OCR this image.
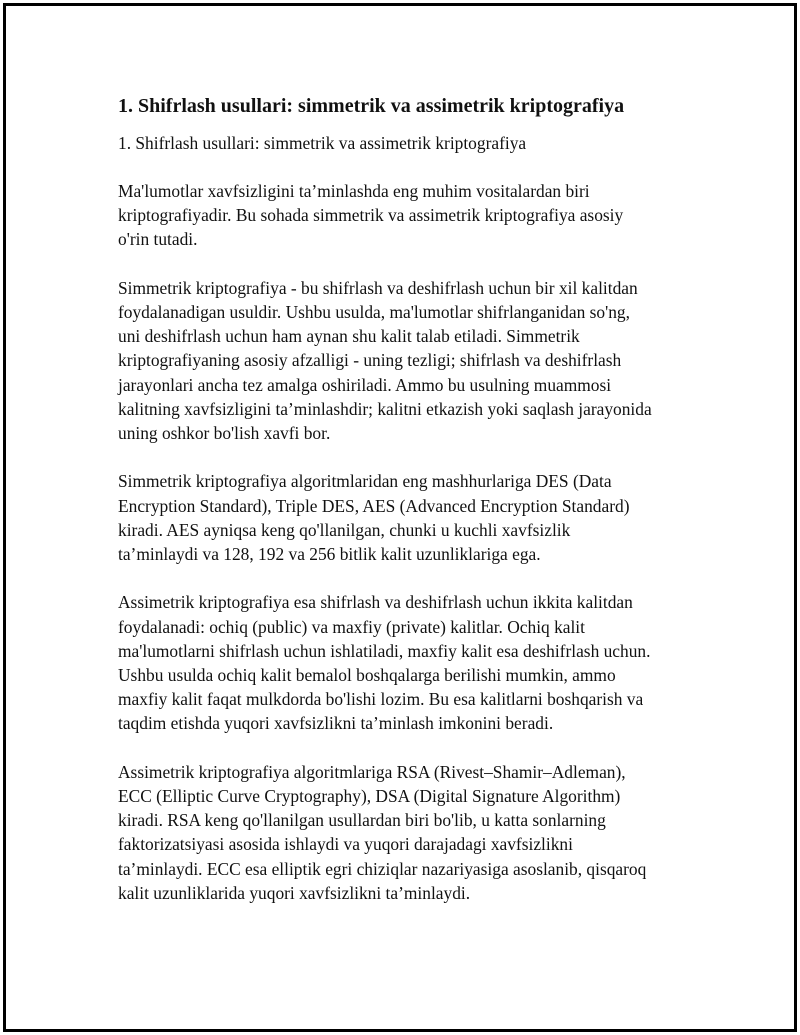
1. Shifrlash usullari: simmetrik va assimetrik kriptografiya

1. Shifrlash usullari: simmetrik va assimetrik kriptografiya

Ma'lumotlar xavfsizligini ta’minlashda eng muhim vositalardan biri
kriptografiyadir. Bu sohada simmetrik va assimetrik kriptografiya asosiy
o'rin tutadi.

Simmetrik kriptografiya - bu shifrlash va deshifrlash uchun bir xil kalitdan
foydalanadigan usuldir. Ushbu usulda, ma'lumotlar shifrlanganidan so'ng,
uni deshifrlash uchun ham aynan shu kalit talab etiladi. Simmetrik
kriptografiyaning asosiy afzalligi - uning tezligi; shifrlash va deshifrlash
jarayonlari ancha tez amalga oshiriladi. Ammo bu usulning muammosi
kalitning xavfsizligini ta’minlashdir; kalitni etkazish yoki saqlash jarayonida
uning oshkor bo'lish xavfi bor.

Simmetrik kriptografiya algoritmlaridan eng mashhurlariga DES (Data
Encryption Standard), Triple DES, AES (Advanced Encryption Standard)
kiradi. AES ayniqsa keng qo'llanilgan, chunki u kuchli xavfsizlik
ta’minlaydi va 128, 192 va 256 bitlik kalit uzunliklariga ega.

Assimetrik kriptografiya esa shifrlash va deshifrlash uchun ikkita kalitdan
foydalanadi: ochiq (public) va maxfiy (private) kalitlar. Ochiq kalit
ma'lumotlarni shifrlash uchun ishlatiladi, maxfiy kalit esa deshifrlash uchun.
Ushbu usulda ochiq kalit bemalol boshqalarga berilishi mumkin, ammo
maxfiy kalit faqat mulkdorda bo'lishi lozim. Bu esa kalitlarni boshqarish va
taqdim etishda yuqori xavfsizlikni ta’minlash imkonini beradi.

Assimetrik kriptografiya algoritmlariga RSA (Rivest–Shamir–Adleman),
ECC (Elliptic Curve Cryptography), DSA (Digital Signature Algorithm)
kiradi. RSA keng qo'llanilgan usullardan biri bo'lib, u katta sonlarning
faktorizatsiyasi asosida ishlaydi va yuqori darajadagi xavfsizlikni
ta’minlaydi. ECC esa elliptik egri chiziqlar nazariyasiga asoslanib, qisqaroq
kalit uzunliklarida yuqori xavfsizlikni ta’minlaydi.
